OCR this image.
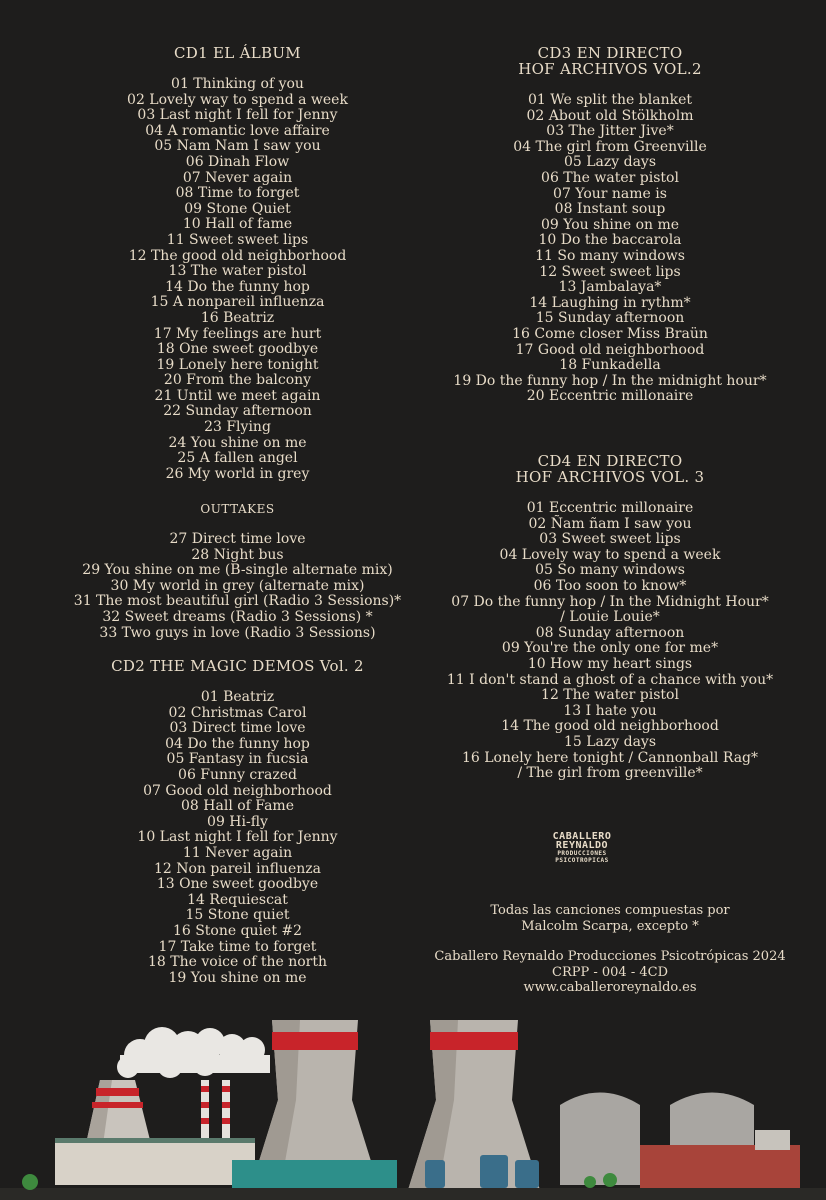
CD1 EL ÁLBUM
01 Thinking of you
02 Lovely way to spend a week
03 Last night I fell for Jenny
04 A romantic love affaire
05 Nam Nam I saw you
06 Dinah Flow
07 Never again
08 Time to forget
09 Stone Quiet
10 Hall of fame
11 Sweet sweet lips
12 The good old neighborhood
13 The water pistol
14 Do the funny hop
15 A nonpareil influenza
16 Beatriz
17 My feelings are hurt
18 One sweet goodbye
19 Lonely here tonight
20 From the balcony
21 Until we meet again
22 Sunday afternoon
23 Flying
24 You shine on me
25 A fallen angel
26 My world in grey
OUTTAKES
27 Direct time love
28 Night bus
29 You shine on me (B-single alternate mix)
30 My world in grey (alternate mix)
31 The most beautiful girl (Radio 3 Sessions)*
32 Sweet dreams (Radio 3 Sessions) *
33 Two guys in love (Radio 3 Sessions)
CD2 THE MAGIC DEMOS Vol. 2
01 Beatriz
02 Christmas Carol
03 Direct time love
04 Do the funny hop
05 Fantasy in fucsia
06 Funny crazed
07 Good old neighborhood
08 Hall of Fame
09 Hi-fly
10 Last night I fell for Jenny
11 Never again
12 Non pareil influenza
13 One sweet goodbye
14 Requiescat
15 Stone quiet
16 Stone quiet #2
17 Take time to forget
18 The voice of the north
19 You shine on me
CD3 EN DIRECTO
HOF ARCHIVOS VOL.2
01 We split the blanket
02 About old Stölkholm
03 The Jitter Jive*
04 The girl from Greenville
05 Lazy days
06 The water pistol
07 Your name is
08 Instant soup
09 You shine on me
10 Do the baccarola
11 So many windows
12 Sweet sweet lips
13 Jambalaya*
14 Laughing in rythm*
15 Sunday afternoon
16 Come closer Miss Braün
17 Good old neighborhood
18 Funkadella
19 Do the funny hop / In the midnight hour*
20 Eccentric millonaire
CD4 EN DIRECTO
HOF ARCHIVOS VOL. 3
01 Eccentric millonaire
02 Ñam ñam I saw you
03 Sweet sweet lips
04 Lovely way to spend a week
05 So many windows
06 Too soon to know*
07 Do the funny hop / In the Midnight Hour*
/ Louie Louie*
08 Sunday afternoon
09 You're the only one for me*
10 How my heart sings
11 I don't stand a ghost of a chance with you*
12 The water pistol
13 I hate you
14 The good old neighborhood
15 Lazy days
16 Lonely here tonight / Cannonball Rag*
/ The girl from greenville*
CABALLERO
REYNALDO
PRODUCCIONES
PSICOTROPICAS
Todas las canciones compuestas por
Malcolm Scarpa, excepto *
Caballero Reynaldo Producciones Psicotrópicas 2024
CRPP - 004 - 4CD
www.caballeroreynaldo.es
